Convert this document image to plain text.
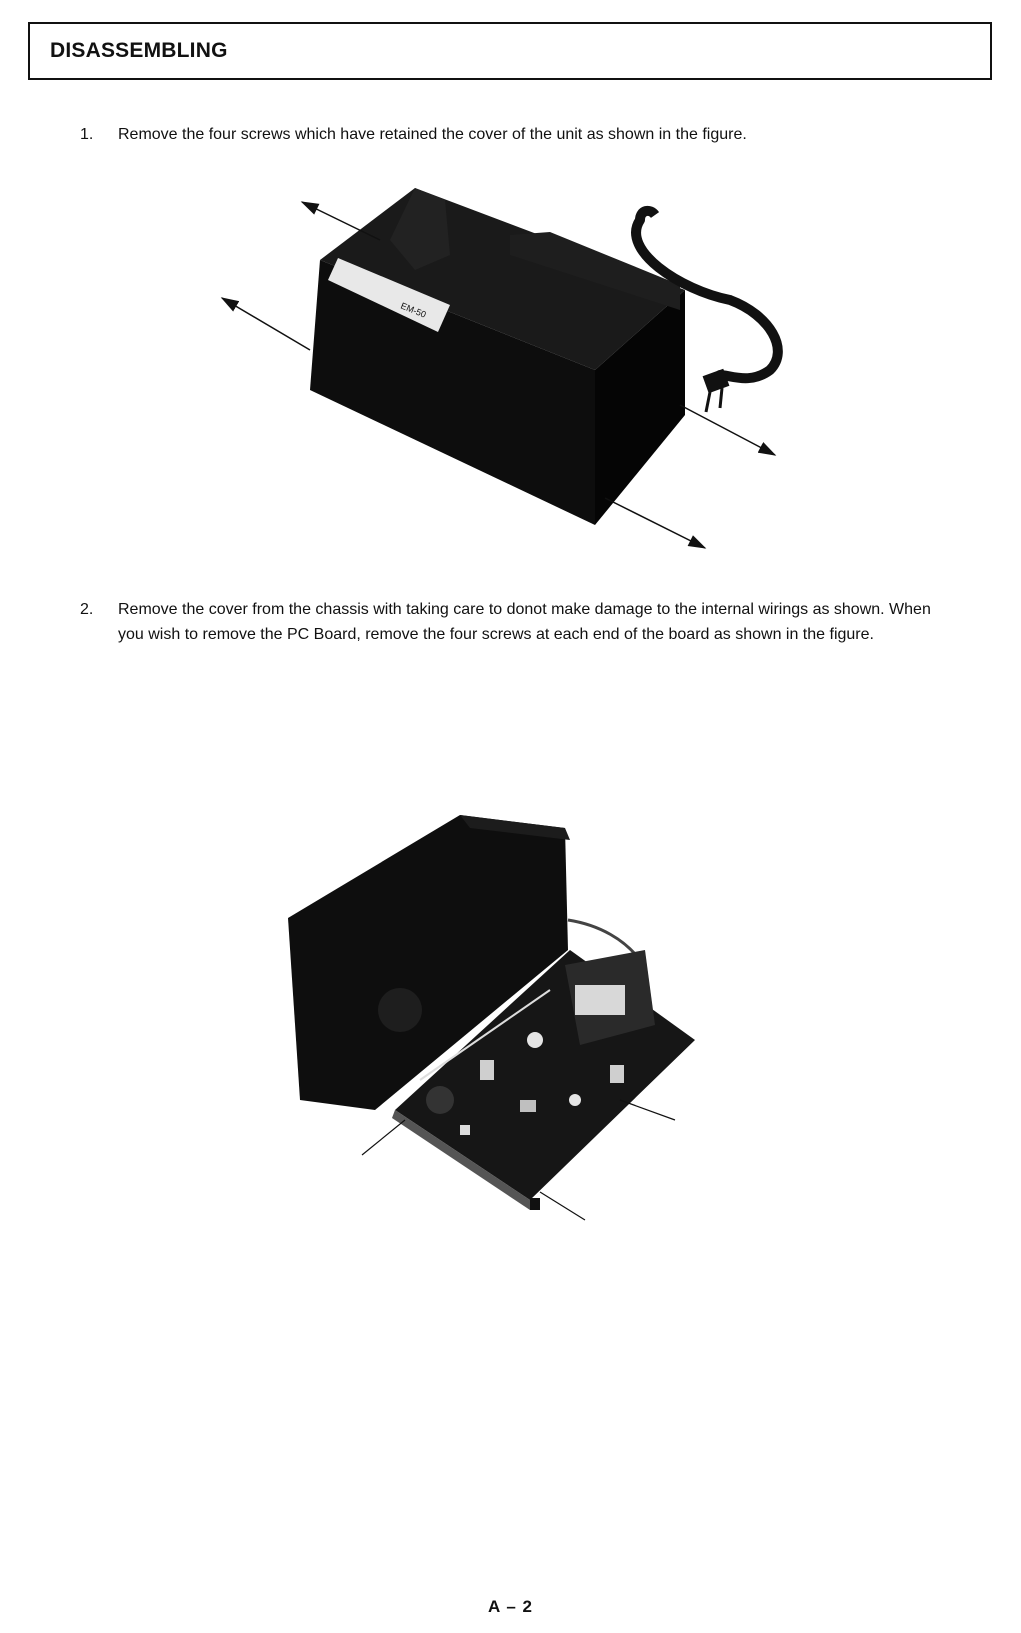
DISASSEMBLING
1. Remove the four screws which have retained the cover of the unit as shown in the figure.
EM-50
2. Remove the cover from the chassis with taking care to donot make damage to the internal wirings as shown. When you wish to remove the PC Board, remove the four screws at each end of the board as shown in the figure.
A – 2
